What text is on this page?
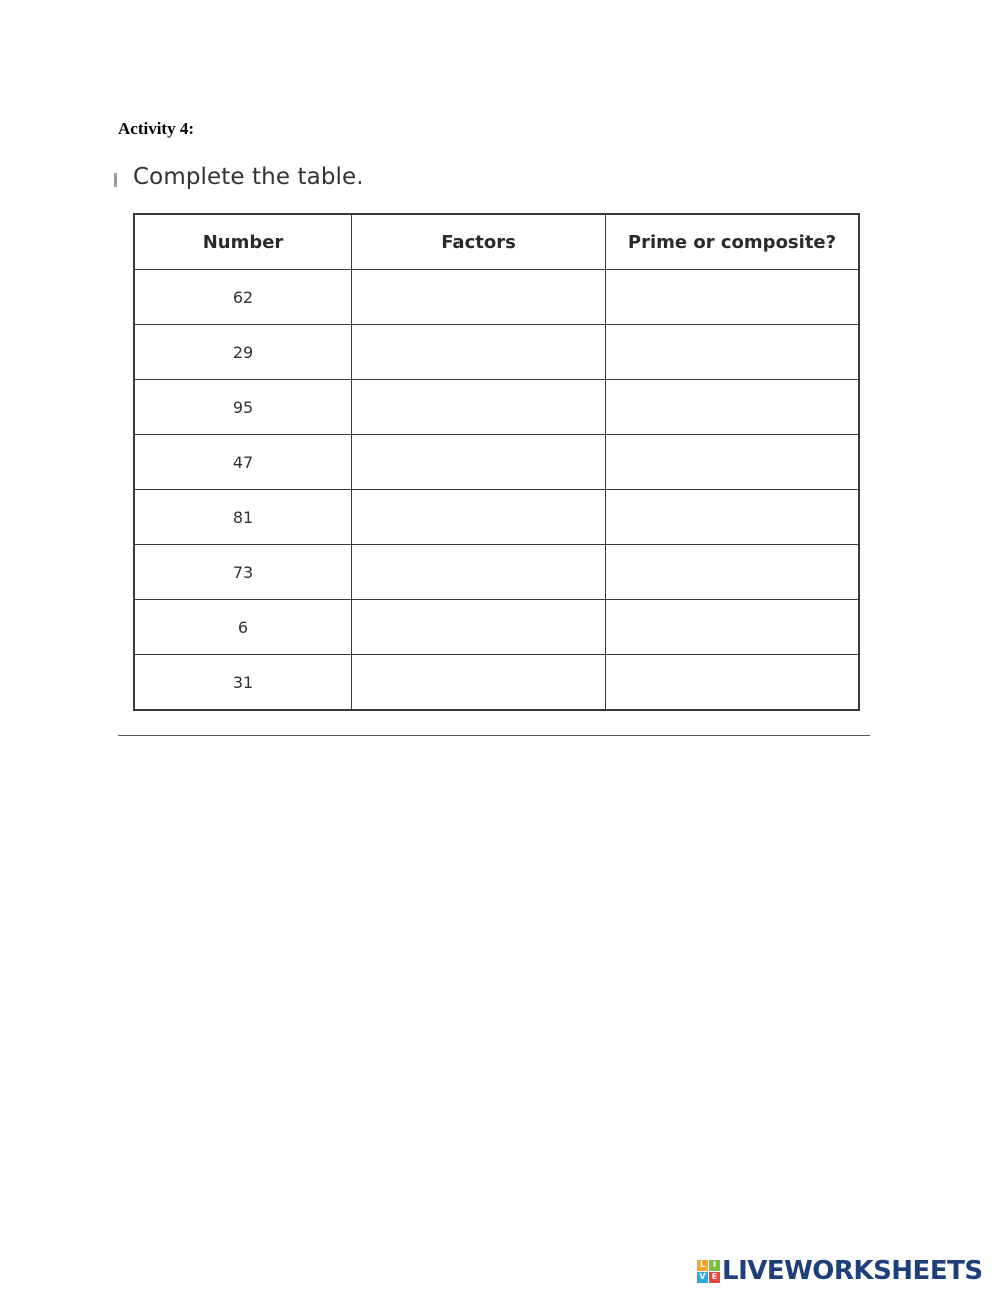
Activity 4:
Complete the table.
Number	Factors	Prime or composite?
62		
29		
95		
47		
81		
73		
6		
31		
L I
V E LIVEWORKSHEETS
